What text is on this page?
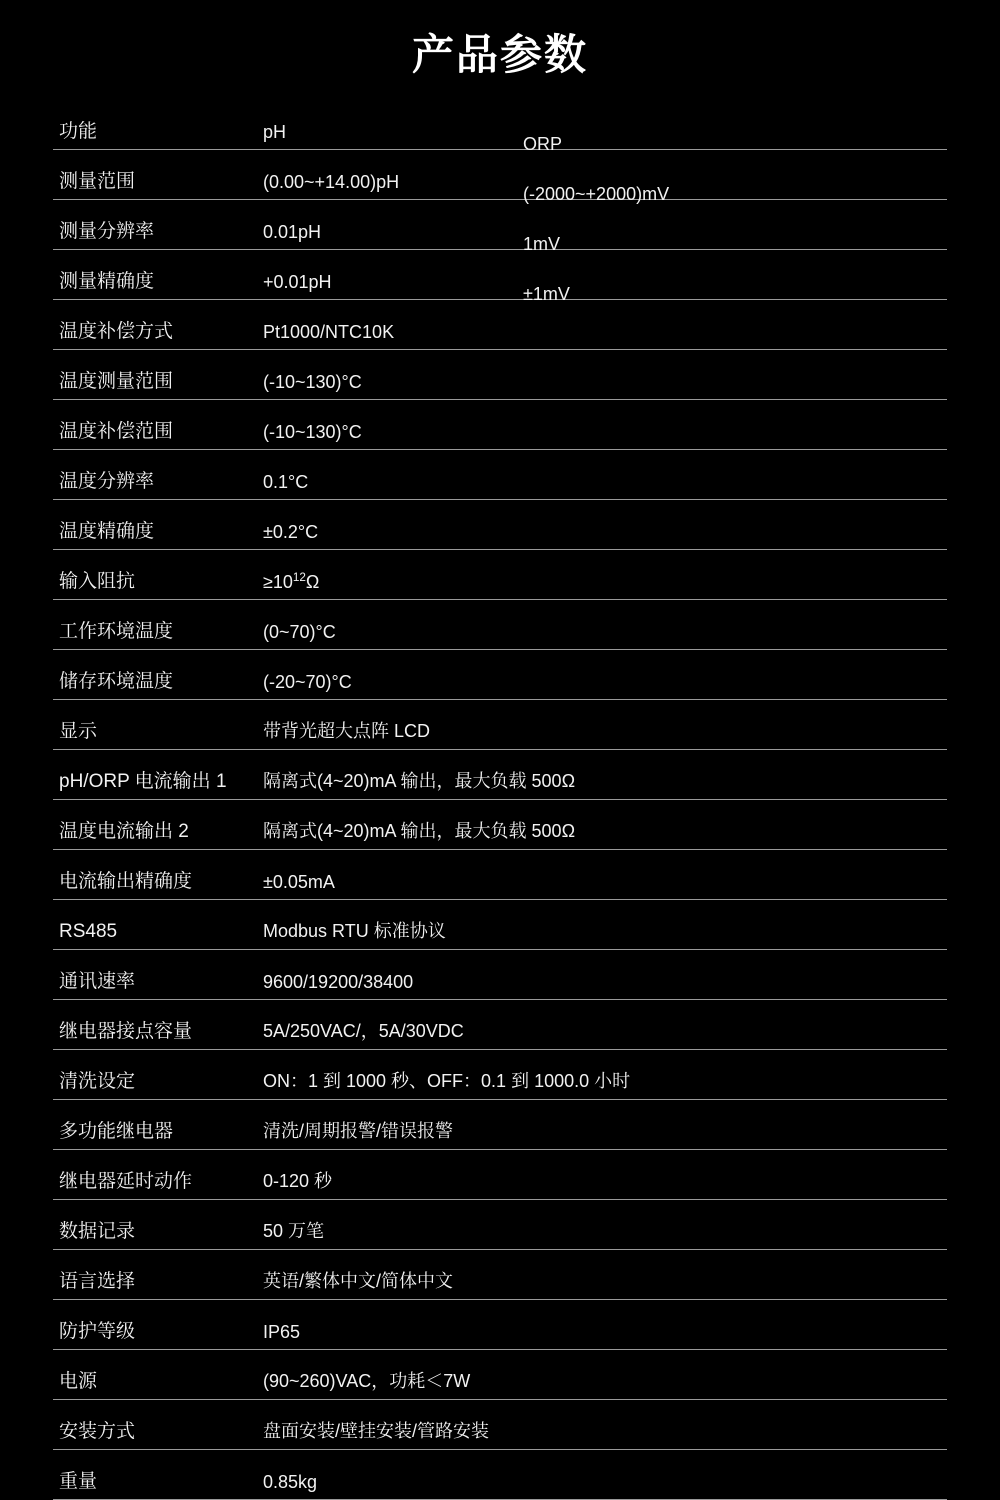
产品参数
功能	pH	ORP
测量范围	(0.00~+14.00)pH	(-2000~+2000)mV
测量分辨率	0.01pH	1mV
测量精确度	+0.01pH	±1mV
温度补偿方式	Pt1000/NTC10K	
温度测量范围	(-10~130)°C	
温度补偿范围	(-10~130)°C	
温度分辨率	0.1°C	
温度精确度	±0.2°C	
输入阻抗	$\ge 10^{12}\Omega$	
工作环境温度	(0~70)°C	
储存环境温度	(-20~70)°C	
显示	带背光超大点阵 LCD	
pH/ORP 电流输出 1	隔离式(4~20)mA 输出，最大负载 500Ω	
温度电流输出 2	隔离式(4~20)mA 输出，最大负载 500Ω	
电流输出精确度	±0.05mA	
RS485	Modbus RTU 标准协议	
通讯速率	9600/19200/38400	
继电器接点容量	5A/250VAC/，5A/30VDC	
清洗设定	ON：1 到 1000 秒、OFF：0.1 到 1000.0 小时	
多功能继电器	清洗/周期报警/错误报警	
继电器延时动作	0-120 秒	
数据记录	50 万笔	
语言选择	英语/繁体中文/简体中文	
防护等级	IP65	
电源	(90~260)VAC，功耗＜7W	
安装方式	盘面安装/壁挂安装/管路安装	
重量	0.85kg	
